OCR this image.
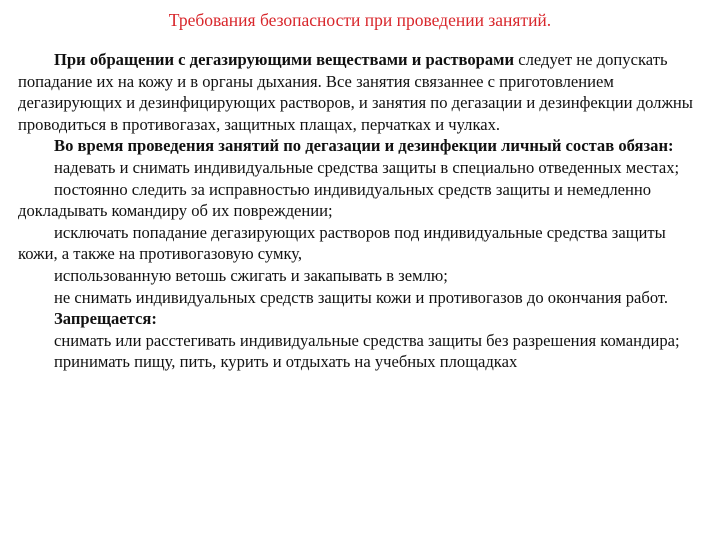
Требования безопасности при проведении занятий.

При обращении с дегазирующими веществами и растворами следует не допускать попадание их на кожу и в органы дыхания. Все занятия связаннее с приготовлением дегазирующих и дезинфицирующих растворов, и занятия по дегазации и дезинфекции должны проводиться в противогазах, защитных плащах, перчатках и чулках.

Во время проведения занятий по дегазации и дезинфекции личный состав обязан:

надевать и снимать индивидуальные средства защиты в специально отведенных местах;

постоянно следить за исправностью индивидуальных средств защиты и немедленно докладывать командиру об их повреждении;

исключать попадание дегазирующих растворов под индивидуальные средства защиты кожи, а также на противогазовую сумку,

использованную ветошь сжигать и закапывать в землю;

не снимать индивидуальных средств защиты кожи и противогазов до окончания работ.

Запрещается:

снимать или расстегивать индивидуальные средства защиты без разрешения командира;

принимать пищу, пить, курить и отдыхать на учебных площадках
